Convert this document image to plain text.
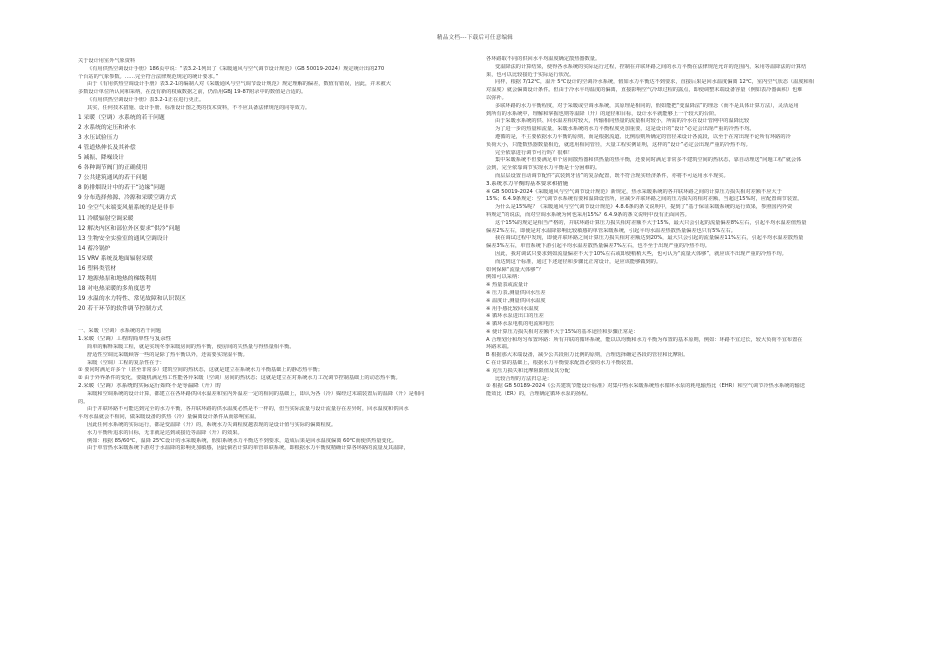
精品文档---下载后可任意编辑
关于设计用室外气象资料
《有用供热空调设计手册》186页中说：“表3.2-1列出了《采暖通风与空气调节设计规范》（GB 50019-2024）规定统计出的270
个台站的气象参数。……完全符合法律规范规定的统计要求。”
由于《有用供热空调设计手册》表3.2-1的编制人对《采暖通风与空气调节设计规范》规定理解的偏差，数值有错误，因此，并未被大
多数设计单位所认同和采纳，在没有新的权威数据之前，仍沿用GBJ 19-87附录中的数值是合适的。
《有用供热空调设计手册》表3.2-1正在进行更正。
其实，任何技术措施、设计手册、标准设计图之类的技术资料，不不应具备法律规范的同等效力。
1 采暖（空调）水系统的若干问题
2 水系统的定压和补水
3 水压试验压力
4 管道热伸长及其补偿
5 减振、降噪设计
6 各种调节阀门的正确使用
7 公共建筑通风的若干问题
8 防排烟设计中的若干“边缘”问题
9 分布选择热源、冷源和采暖空调方式
10 全空气末端变风量系统的是是非非
11 冷暖辐射空调采暖
12 解决内区和部位外区要求“供冷”问题
13 生物安全实验室的通风空调设计
14 蓄冷锅炉
15 VRV 系统及地面辐射采暖
16 塑料类管材
17 地源热泵和地热的梯级利用
18 对电热采暖的多角度思考
19 水温的水力特性、常见故障和认识误区
20 若干环节的软件调节控制方式
一、采暖（空调）水系统的若干问题
1.采暖（空调）工程的简单性与复杂性
简单的解释采暖工程，就是实现冬季采暖房间的热平衡，使房间的失热量与得热量相平衡。
舒适性空调比采暖顾客一些的是除了热平衡以外，还需要实现湿平衡。
采暖（空调）工程的复杂性在于：
① 要同时满足许多个（甚至非常多）建筑空间的热状态，这就是建立在系统水力平衡基础上的静态热平衡；
② 由于外界条件的变化，要随机满足热工性能各异采暖（空调）房间的热状态；这就是建立在对系统水力工况调节控制基础上的动态热平衡。
2.采暖（空调）水系统的实际运行始终不是等温降（升）的
采暖和空调系统的设计计算，都建立在各环路供回水温差和室内外温差一定的相同的基础上，即认为各（冷）媒经过末端装置后的温降（升）是相同
的。
由于并联环路不可能达到完全的水力平衡，各并联环路的供水温度必然是不一样的，但当实际流量与设计流量存在差异时，回水温度和供回水
平均水温就会不相同，做采暖设备的供热（冷）量偏离设计条件从而影响室温。
因此任何水系统的实际运行，都是变温降（升）的，系统水力失调程度越表现的是设计值与实际的偏离程度。
水力平衡所追求的目标，无非就是达到或接近等温降（升）的效果。
例如：根据 85/60℃，温降 25℃设计的水采暖系统，假如系统水力平衡达不到要求，造成后果是回水温度偏离 60℃而使供热量变化。
由于单管热水采暖系统下游对于水温降的影响更加敏感，因此倘若计算的单管串联系统，即根据水力平衡度精确计算各环路的流量及其温降，
各环路取不同的供回水平均温度确定散热器数量。
变温降法的计算结果，使得各水系统的实际运行过程，控制在并联环路之间的水力平衡在法律规范允许的范围内，采用等温降法的计算结
果，也可以比较接近于实际运行状况。
同样，根据 7/12℃，温升 5℃设计的空调冷水系统，假如水力平衡达不到要求，直接后果是回水温度偏离 12℃，室内空气状态（温度和相
对湿度）就会偏离设计条件。但由于冷水平均温度的偏离，直接影响空气冷却过程的露点，即使调整末端设备容量（例如表冷器面积）也难
以弥补。
多联环路的水力平衡程度，对于采暖或空调水系统，其原理是相同的，假如能把“变温降法”的理念（而不是具体计算方法），灵活运用
到所有的水系统中，理解和掌握也则等温降（升）的途径和目标，设计水平就能够上一个较大的台阶。
由于采暖水系统的供、回水温差相对较大，传输相同热量的流量相对较小，所需的冷水在设计管网中的温降比较
为了进一步的热量和流量，采暖水系统的水力平衡程度更加重要，这是设计的“设计”必定会出现严重的冷热不均。
遵循的是，不主要依据水力平衡的原则，而是根据流道、比例原则所确定的管径来设计各流段，以至于在常出现不论所有环路的冷
负荷大小，只能数热器数量相近，就选用相同管径，大量工程实例证明，这样的“设计”必定会出现严重的冷热不均。
完全依靠进行调节可行吗？很难！
集中采暖系统不但要满足单个房间散热器和供热量的热平衡，还要同时满足非常多不建筑空间的热状态，靠自动理送“问题工程”就会体
会到，完全依靠调节实现水力平衡是十分困难的。
而层层设置自动调节配件“武装到牙齿”的复杂配置，既不符合现实经济条件，亦将不可运用水平现实。
3.系统水力平衡的基本要求和措施
※ GB 50019-2024《采暖通风与空气调节设计规范》新规定，热水采暖系统的各并联环路之间的计算压力损失相对差额不应大于
15%；6.4.9条规定：空气调节水系统有要和温降设管所，应减少并联环路之间的压力损失的相对差额，当超过15%时，应配置调节装置。
为什么是15%呢？《采暖通风与空气调节设计规范》4.8.6条的条文说明中，提到了“基于保证采暖系统的运行效果，参照国内外资
料规定”的说法，而对空调水系统为何也采用15%？6.4.9条的条文说明中没有正面回答。
这个15%的规定是相当严格的，并联环路计算压力损失相对差额不大于15%，最大只会引起的流量偏差8%左右，引起平均水温差值热量
偏差2%左右，即使是对水温降影响比较敏感的单管采暖系统，引起平均水温差热散热量偏差也只有5%左右。
我在调试过程中发现，即使并联环路之间计算压力损失相对差额达到20%，最大只会引起的流量偏差11%左右，引起平均水温差散热量
偏差3%左右，单管系统下游引起平均水温差散热量偏差7%左右，也不至于出现严重的冷热不均。
因此，我对调试只要求到如流量偏差不大于10%左右或即使稍稍大些，也可认为“流量大体够”，就应该不出现严重的冷热不均。
而达到这个标准，通过下述途径和步骤比正常设计，是应该能够做到的。
如何保障“流量大体够”？
例如可以采纳：
※ 热量表或流量计
※ 压力表,测量供回水压差
※ 温度计,测量供回水温度
※ 用手感比较回水温度
※ 循环水泵进出口的压差
※ 循环水泵电机的电流和电压
※ 使计算压力损失相对差额不大于15%的基本途径和步骤正常是：
A 合理划分和均匀布置环路：所有并联的循环系统，能以以均衡和水力平衡为布置的基本原则，例如：环路不宜过长，较大负荷不宜布置在
环路末端。
B 根据那大末端设备，减少公共段阻力比例的原则，合理选择确定各段的管径和比摩阻。
C 在计算的基础上，根据水力平衡要求配置必要的水力平衡装置。
※ 克压力损失和比摩阻限值及其分配
比较合理的方法归总是：
① 根据 GB 50189-2024《公共建筑节能设计标准》对集中热水采暖系统热水循环水泵的耗电输热比（EHR）和空气调节冷热水系统的输送
能效比（ER）的，合理确定循环水泵的扬程。
